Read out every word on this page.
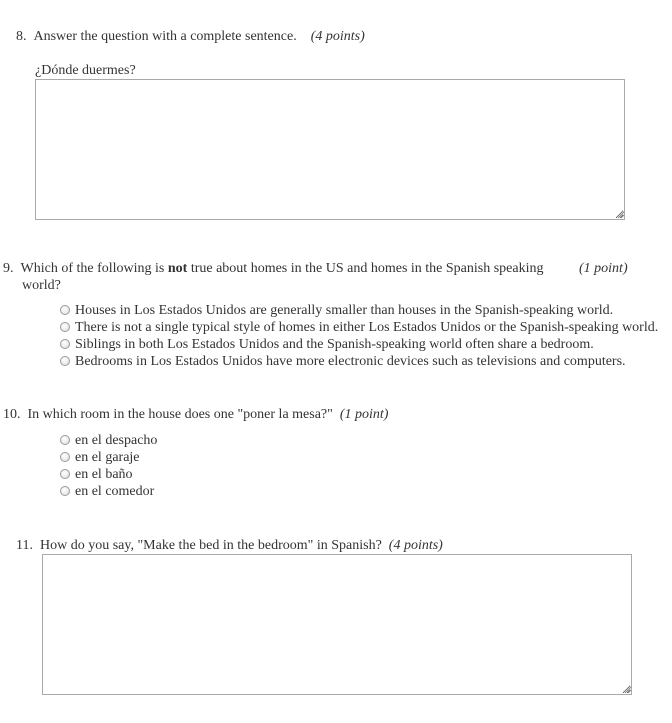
8. Answer the question with a complete sentence. (4 points)
¿Dónde duermes?
9. Which of the following is not true about homes in the US and homes in the Spanish speaking	(1 point)
world?
Houses in Los Estados Unidos are generally smaller than houses in the Spanish-speaking world.
There is not a single typical style of homes in either Los Estados Unidos or the Spanish-speaking world.
Siblings in both Los Estados Unidos and the Spanish-speaking world often share a bedroom.
Bedrooms in Los Estados Unidos have more electronic devices such as televisions and computers.
10. In which room in the house does one "poner la mesa?" (1 point)
en el despacho
en el garaje
en el baño
en el comedor
11. How do you say, "Make the bed in the bedroom" in Spanish? (4 points)
